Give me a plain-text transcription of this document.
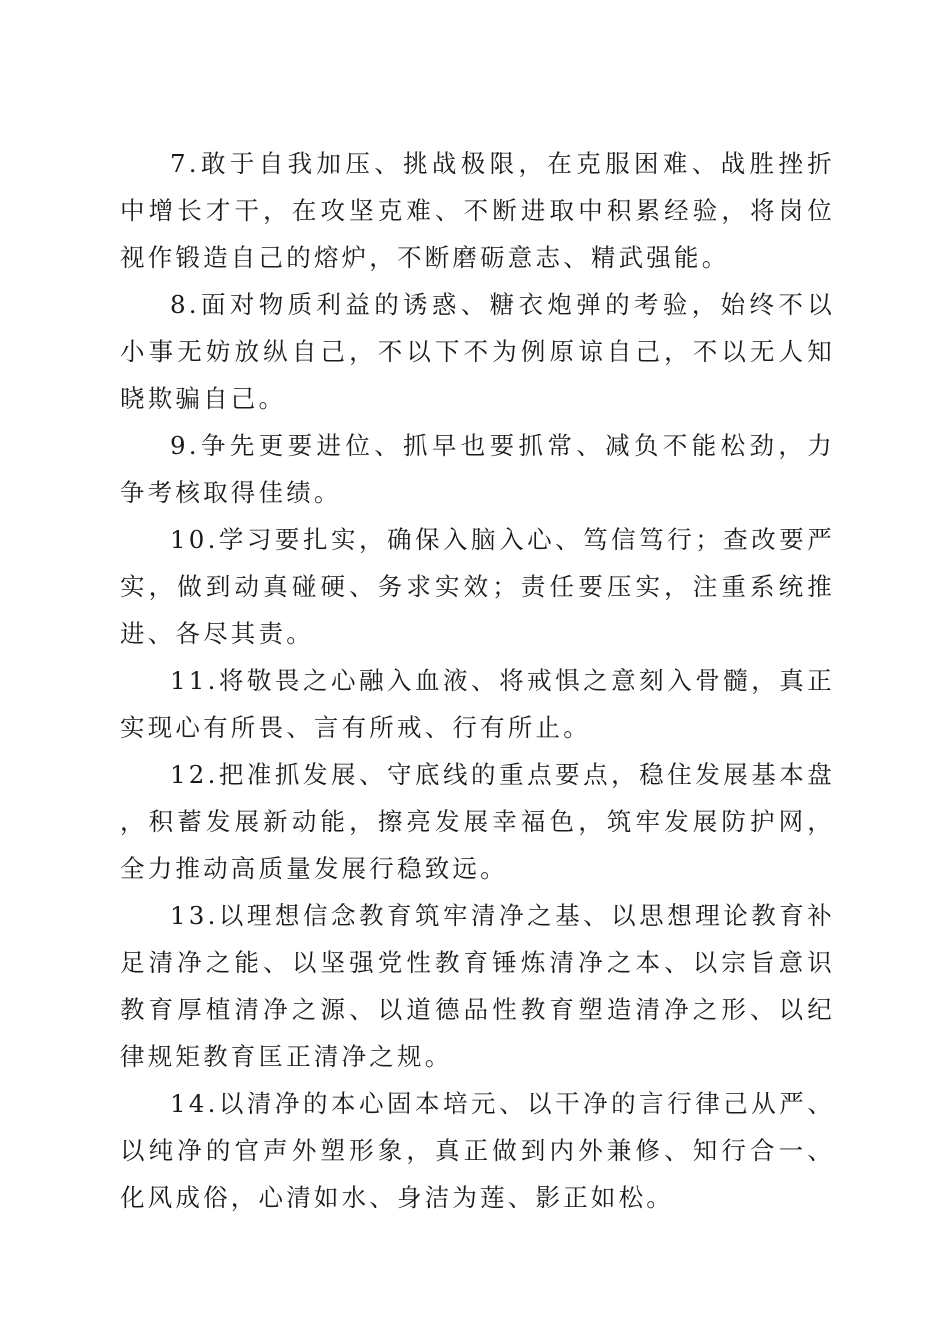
7.敢于自我加压、挑战极限，在克服困难、战胜挫折中增长才干，在攻坚克难、不断进取中积累经验，将岗位视作锻造自己的熔炉，不断磨砺意志、精武强能。

8.面对物质利益的诱惑、糖衣炮弹的考验，始终不以小事无妨放纵自己，不以下不为例原谅自己，不以无人知晓欺骗自己。

9.争先更要进位、抓早也要抓常、减负不能松劲，力争考核取得佳绩。

10.学习要扎实，确保入脑入心、笃信笃行；查改要严实，做到动真碰硬、务求实效；责任要压实，注重系统推进、各尽其责。

11.将敬畏之心融入血液、将戒惧之意刻入骨髓，真正实现心有所畏、言有所戒、行有所止。

12.把准抓发展、守底线的重点要点，稳住发展基本盘，积蓄发展新动能，擦亮发展幸福色，筑牢发展防护网，全力推动高质量发展行稳致远。

13.以理想信念教育筑牢清净之基、以思想理论教育补足清净之能、以坚强党性教育锤炼清净之本、以宗旨意识教育厚植清净之源、以道德品性教育塑造清净之形、以纪律规矩教育匡正清净之规。

14.以清净的本心固本培元、以干净的言行律己从严、以纯净的官声外塑形象，真正做到内外兼修、知行合一、化风成俗，心清如水、身洁为莲、影正如松。
